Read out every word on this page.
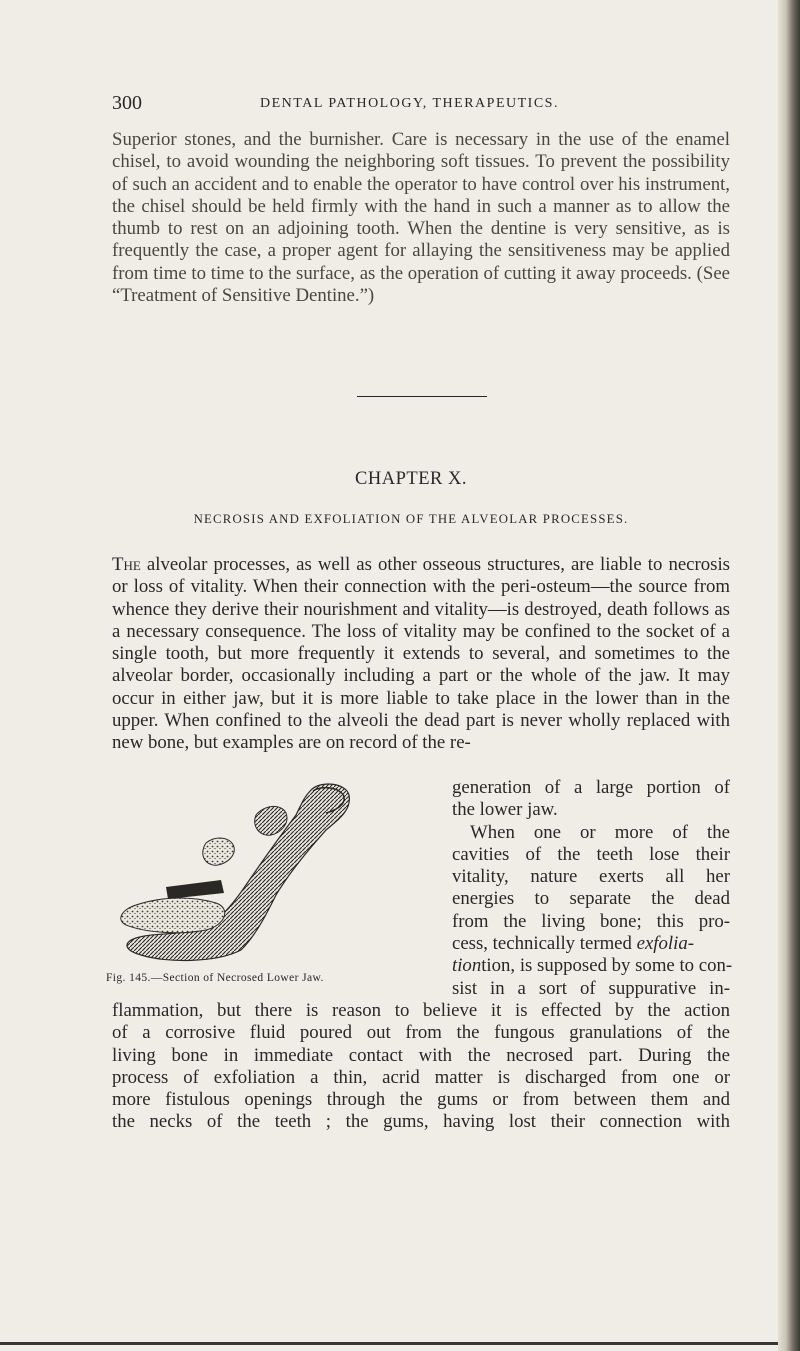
300	DENTAL PATHOLOGY, THERAPEUTICS.
Superior stones, and the burnisher. Care is necessary in the use of the enamel chisel, to avoid wounding the neighboring soft tissues. To prevent the possibility of such an accident and to enable the operator to have control over his instrument, the chisel should be held firmly with the hand in such a manner as to allow the thumb to rest on an adjoining tooth. When the dentine is very sensitive, as is frequently the case, a proper agent for allaying the sensitiveness may be applied from time to time to the surface, as the operation of cutting it away proceeds. (See “Treatment of Sensitive Dentine.”)
CHAPTER X.
NECROSIS AND EXFOLIATION OF THE ALVEOLAR PROCESSES.
The alveolar processes, as well as other osseous structures, are liable to necrosis or loss of vitality. When their connection with the peri-osteum—the source from whence they derive their nourishment and vitality—is destroyed, death follows as a necessary consequence. The loss of vitality may be confined to the socket of a single tooth, but more frequently it extends to several, and sometimes to the alveolar border, occasionally including a part or the whole of the jaw. It may occur in either jaw, but it is more liable to take place in the lower than in the upper. When confined to the alveoli the dead part is never wholly replaced with new bone, but examples are on record of the re-
Fig. 145.—Section of Necrosed Lower Jaw.
generation of a large portion of
the lower jaw.
When one or more of the
cavities of the teeth lose their
vitality, nature exerts all her
energies to separate the dead
from the living bone; this pro-
cess, technically termed exfolia-
tiontion, is supposed by some to con-
sist in a sort of suppurative in-
flammation, but there is reason to believe it is effected by the action
of a corrosive fluid poured out from the fungous granulations of the
living bone in immediate contact with the necrosed part. During the
process of exfoliation a thin, acrid matter is discharged from one or
more fistulous openings through the gums or from between them and
the necks of the teeth ; the gums, having lost their connection with
